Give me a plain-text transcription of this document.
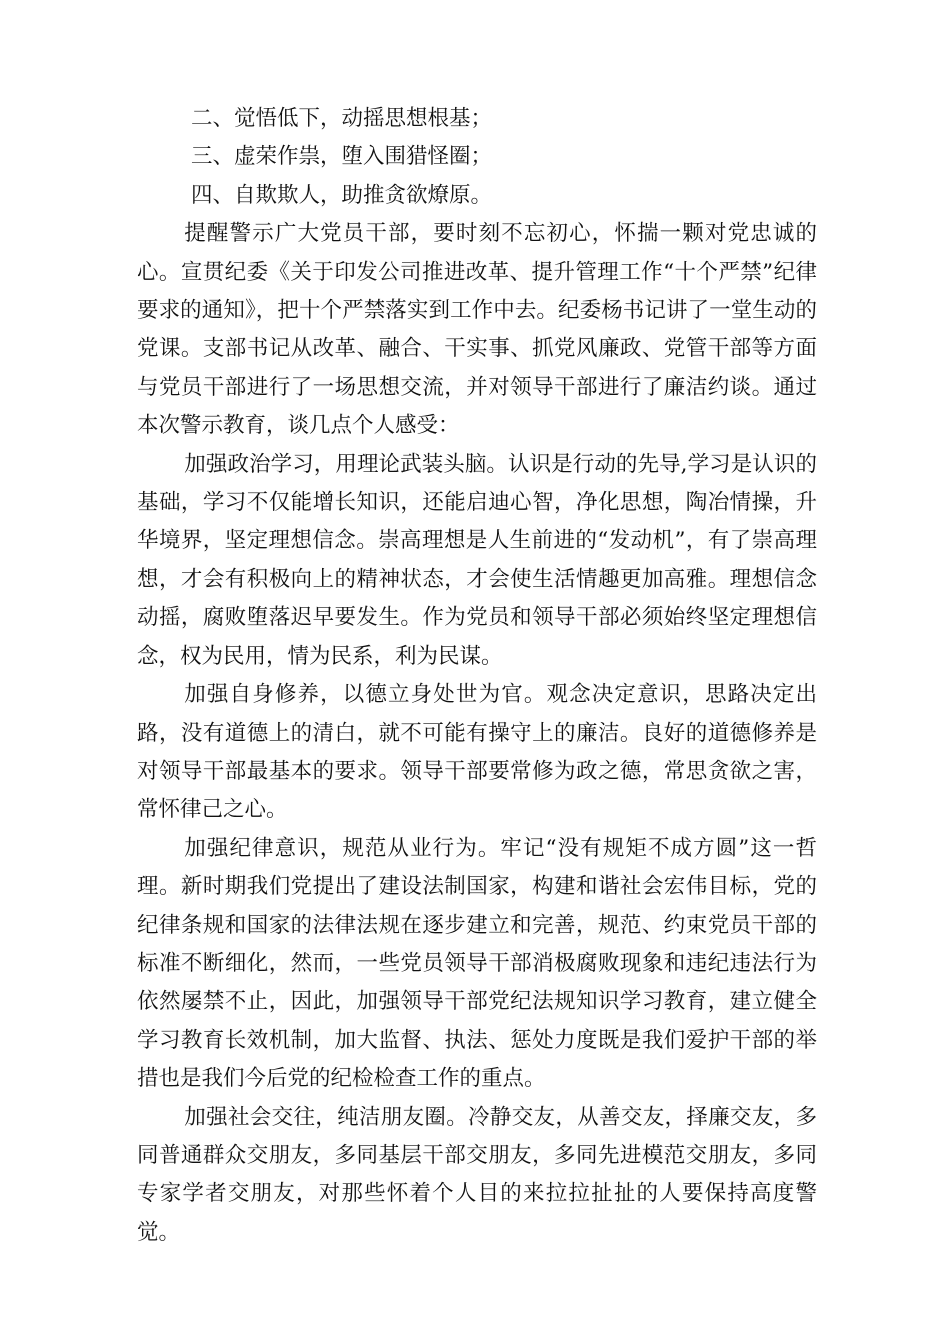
二、觉悟低下，动摇思想根基；

三、虚荣作祟，堕入围猎怪圈；

四、自欺欺人，助推贪欲燎原。

提醒警示广大党员干部，要时刻不忘初心，怀揣一颗对党忠诚的心。宣贯纪委《关于印发公司推进改革、提升管理工作“十个严禁”纪律要求的通知》，把十个严禁落实到工作中去。纪委杨书记讲了一堂生动的党课。支部书记从改革、融合、干实事、抓党风廉政、党管干部等方面与党员干部进行了一场思想交流，并对领导干部进行了廉洁约谈。通过本次警示教育，谈几点个人感受：

加强政治学习，用理论武装头脑。认识是行动的先导,学习是认识的基础，学习不仅能增长知识，还能启迪心智，净化思想，陶冶情操，升华境界，坚定理想信念。崇高理想是人生前进的“发动机”，有了崇高理想，才会有积极向上的精神状态，才会使生活情趣更加高雅。理想信念动摇，腐败堕落迟早要发生。作为党员和领导干部必须始终坚定理想信念，权为民用，情为民系，利为民谋。

加强自身修养，以德立身处世为官。观念决定意识，思路决定出路，没有道德上的清白，就不可能有操守上的廉洁。良好的道德修养是对领导干部最基本的要求。领导干部要常修为政之德，常思贪欲之害，常怀律己之心。

加强纪律意识，规范从业行为。牢记“没有规矩不成方圆”这一哲理。新时期我们党提出了建设法制国家，构建和谐社会宏伟目标，党的纪律条规和国家的法律法规在逐步建立和完善，规范、约束党员干部的标准不断细化，然而，一些党员领导干部消极腐败现象和违纪违法行为依然屡禁不止，因此，加强领导干部党纪法规知识学习教育，建立健全学习教育长效机制，加大监督、执法、惩处力度既是我们爱护干部的举措也是我们今后党的纪检检查工作的重点。

加强社会交往，纯洁朋友圈。冷静交友，从善交友，择廉交友，多同普通群众交朋友，多同基层干部交朋友，多同先进模范交朋友，多同专家学者交朋友，对那些怀着个人目的来拉拉扯扯的人要保持高度警觉。
